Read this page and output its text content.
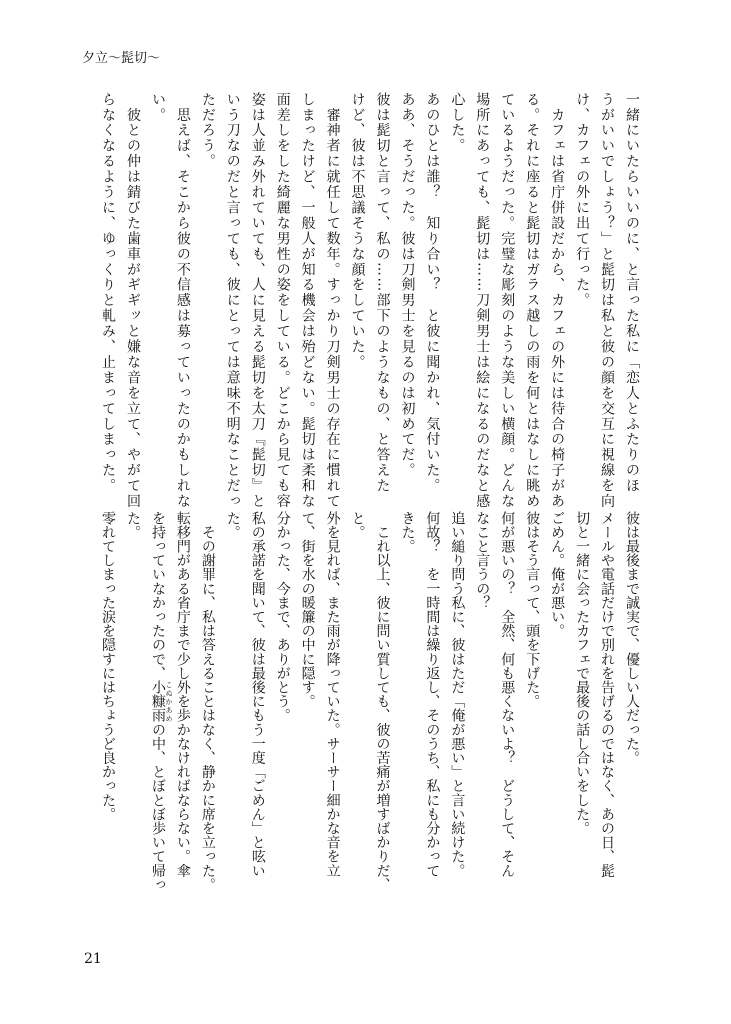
夕立～髭切～
一緒にいたらいいのに、と言った私に「恋人とふたりのほ
うがいいでしょう？」と髭切は私と彼の顔を交互に視線を向
け、カフェの外に出て行った。
　カフェは省庁併設だから、カフェの外には待合の椅子があ
る。それに座ると髭切はガラス越しの雨を何とはなしに眺め
ているようだった。完璧な彫刻のような美しい横顔。どんな
場所にあっても、髭切は……刀剣男士は絵になるのだなと感
心した。
あのひとは誰？　知り合い？　と彼に聞かれ、気付いた。
ああ、そうだった。彼は刀剣男士を見るのは初めてだ。
彼は髭切と言って、私の……部下のようなもの、と答えた
けど、彼は不思議そうな顔をしていた。
　審神者に就任して数年。すっかり刀剣男士の存在に慣れて
しまったけど、一般人が知る機会は殆どない。髭切は柔和な
面差しをした綺麗な男性の姿をしている。どこから見ても容
姿は人並み外れていても、人に見える髭切を太刀『髭切』と
いう刀なのだと言っても、彼にとっては意味不明なことだっ
ただろう。
　思えば、そこから彼の不信感は募っていったのかもしれな
い。
　彼との仲は錆びた歯車がギギッと嫌な音を立て、やがて回
らなくなるように、ゆっくりと軋み、止まってしまった。
彼は最後まで誠実で、優しい人だった。
メールや電話だけで別れを告げるのではなく、あの日、髭
切と一緒に会ったカフェで最後の話し合いをした。
ごめん。俺が悪い。
彼はそう言って、頭を下げた。
何が悪いの？　全然、何も悪くないよ？　どうして、そん
なこと言うの？
追い縋り問う私に、彼はただ「俺が悪い」と言い続けた。
何故？　を一時間は繰り返し、そのうち、私にも分かって
きた。
　これ以上、彼に問い質しても、彼の苦痛が増すばかりだ、
と。
外を見れば、また雨が降っていた。サーサー細かな音を立
て、街を水の暖簾の中に隠す。
分かった、今まで、ありがとう。
私の承諾を聞いて、彼は最後にもう一度「ごめん」と呟い
た。
　その謝罪に、私は答えることはなく、静かに席を立った。
転移門がある省庁まで少し外を歩かなければならない。傘
を持っていなかったので、小糠雨 こぬかあめの中、とぼとぼ歩いて帰っ
た。
零れてしまった涙を隠すにはちょうど良かった。
21
